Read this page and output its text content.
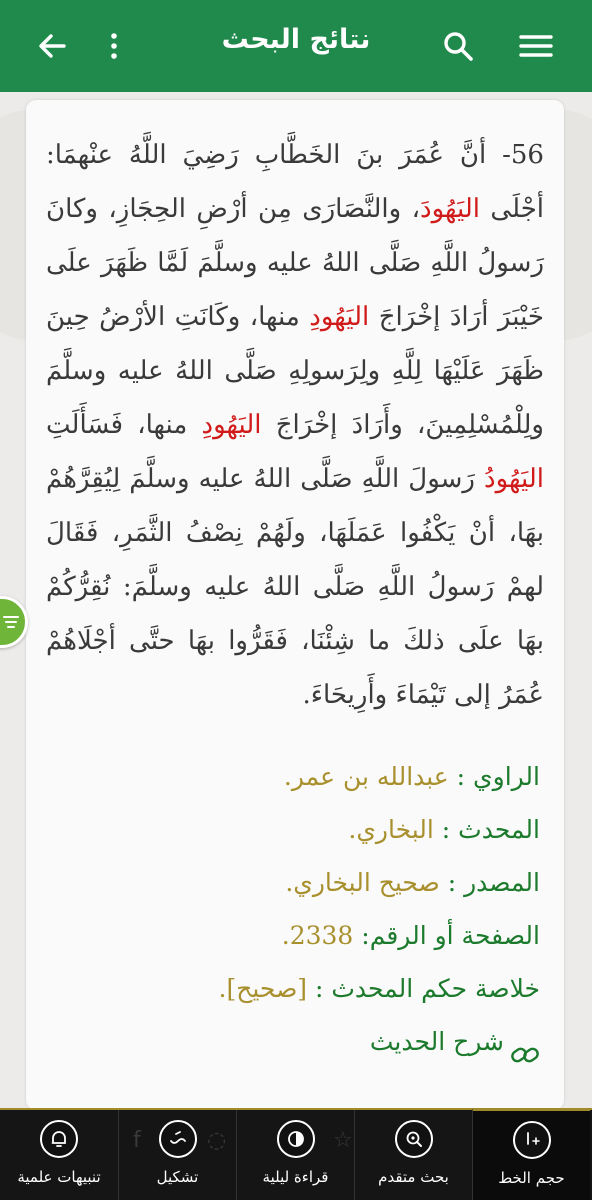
نتائج البحث
56- أنَّ عُمَرَ بنَ الخَطَّابِ رَضِيَ اللَّهُ عنْهمَا: أجْلَى اليَهُودَ، والنَّصَارَى مِن أرْضِ الحِجَازِ، وكانَ رَسولُ اللَّهِ صَلَّى اللهُ عليه وسلَّمَ لَمَّا ظَهَرَ علَى خَيْبَرَ أرَادَ إخْرَاجَ اليَهُودِ منها، وكَانَتِ الأرْضُ حِينَ ظَهَرَ عَلَيْهَا لِلَّهِ ولِرَسولِهِ صَلَّى اللهُ عليه وسلَّمَ ولِلْمُسْلِمِينَ، وأَرَادَ إخْرَاجَ اليَهُودِ منها، فَسَأَلَتِ اليَهُودُ رَسولَ اللَّهِ صَلَّى اللهُ عليه وسلَّمَ لِيُقِرَّهُمْ بهَا، أنْ يَكْفُوا عَمَلَهَا، ولَهُمْ نِصْفُ الثَّمَرِ، فَقَالَ لهمْ رَسولُ اللَّهِ صَلَّى اللهُ عليه وسلَّمَ: نُقِرُّكُمْ بهَا علَى ذلكَ ما شِئْنَا، فَقَرُّوا بهَا حتَّى أجْلَاهُمْ عُمَرُ إلى تَيْمَاءَ وأَرِيحَاءَ.
الراوي : عبدالله بن عمر.
المحدث : البخاري.
المصدر : صحيح البخاري.
الصفحة أو الرقم: 2338.
خلاصة حكم المحدث : [صحيح].
شرح الحديث
تنبيهات علمية
f	◌
تشكيل
☆
قراءة ليلية	بحث متقدم	حجم الخط
